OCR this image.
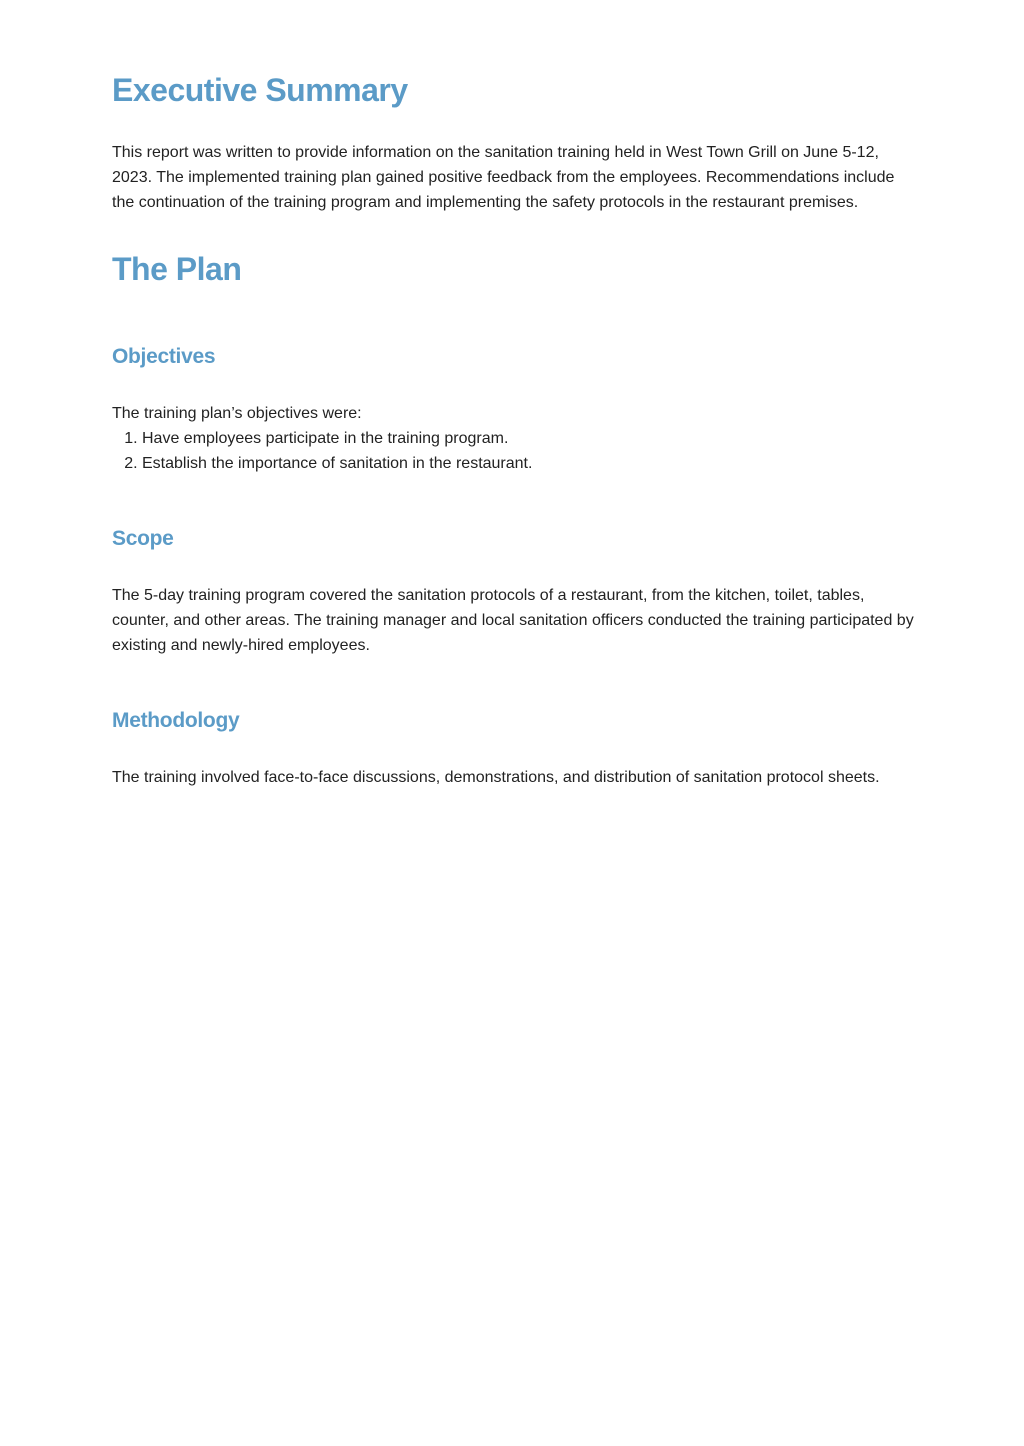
Executive Summary

This report was written to provide information on the sanitation training held in West Town Grill on June 5-12, 2023. The implemented training plan gained positive feedback from the employees. Recommendations include the continuation of the training program and implementing the safety protocols in the restaurant premises.

The Plan
Objectives

The training plan’s objectives were:

1. Have employees participate in the training program.
2. Establish the importance of sanitation in the restaurant.
Scope

The 5-day training program covered the sanitation protocols of a restaurant, from the kitchen, toilet, tables, counter, and other areas. The training manager and local sanitation officers conducted the training participated by existing and newly-hired employees.

Methodology

The training involved face-to-face discussions, demonstrations, and distribution of sanitation protocol sheets.
